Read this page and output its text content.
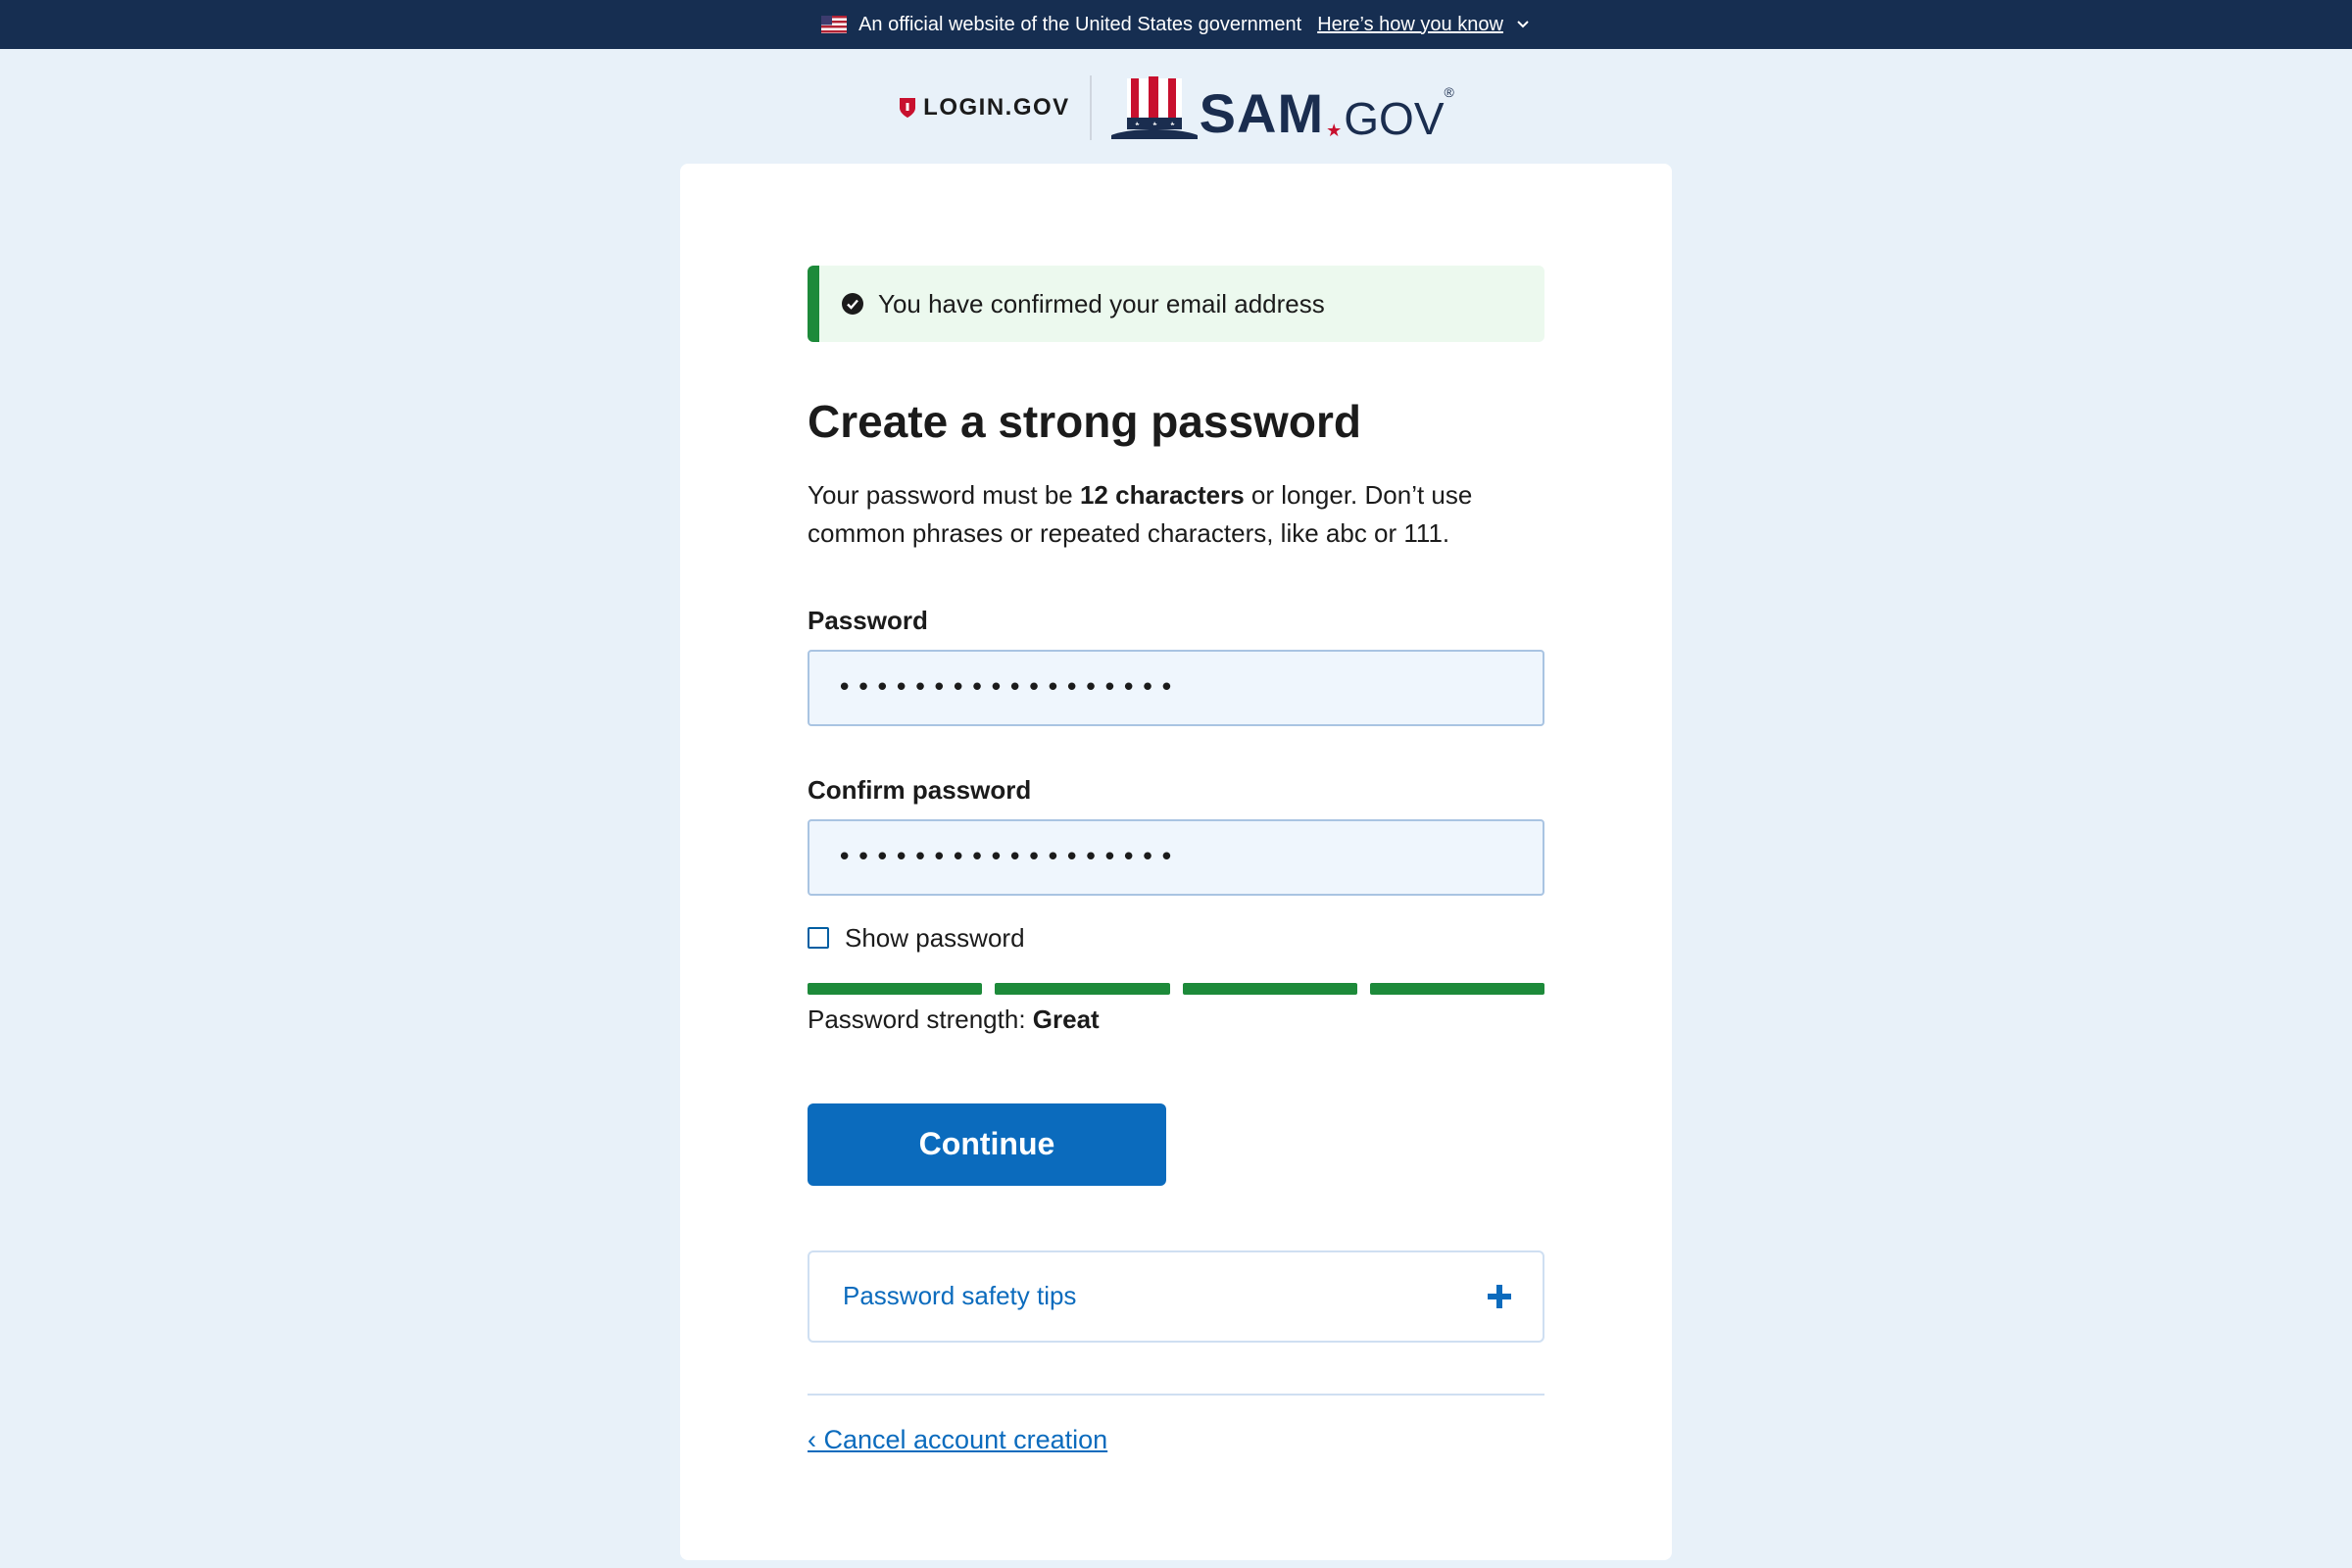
An official website of the United States government Here’s how you know
LOGIN.GOV SAM ★ GOV
®
You have confirmed your email address
Create a strong password

Your password must be 12 characters or longer. Don’t use common phrases or repeated characters, like abc or 111.

Password
••••••••••••••••••
Confirm password
••••••••••••••••••
Show password
Password strength: Great
Continue
Password safety tips
‹ Cancel account creation
